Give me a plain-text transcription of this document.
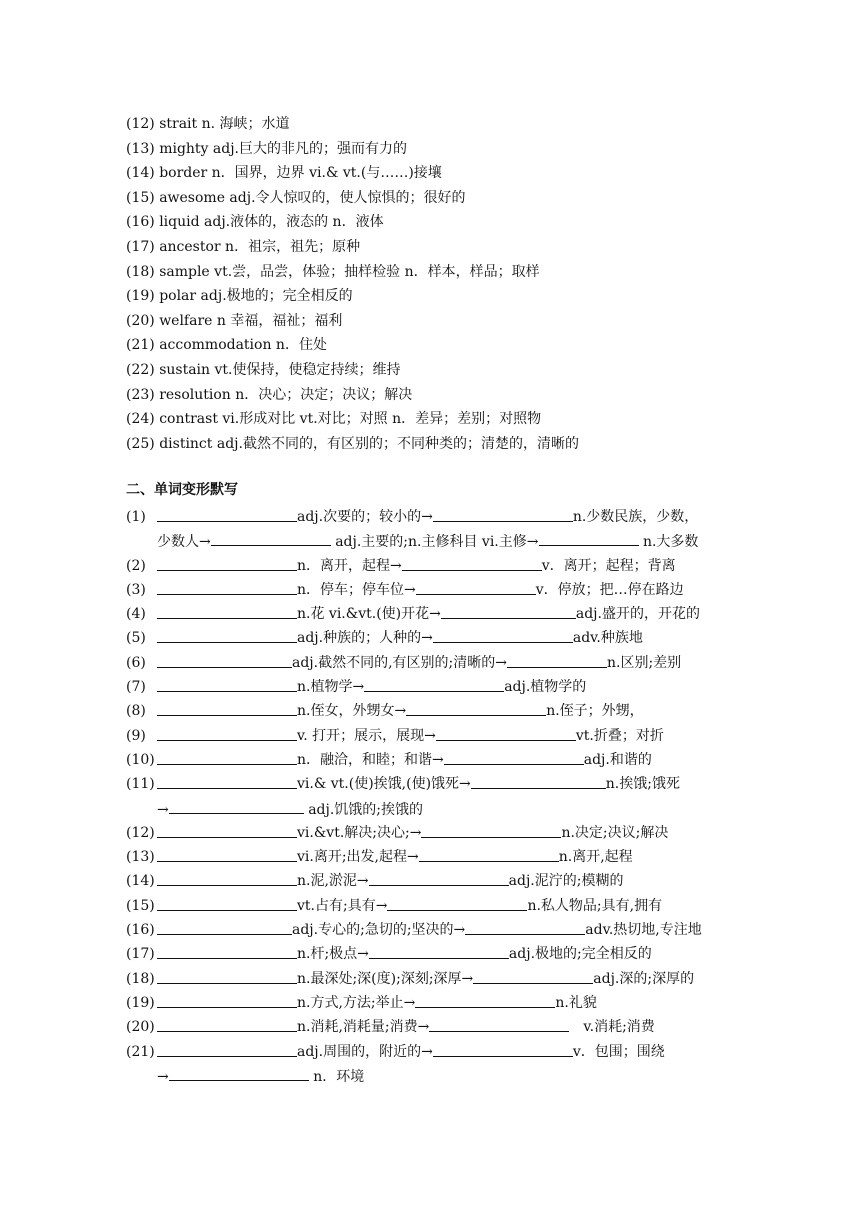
(12) strait n. 海峡；水道
(13) mighty adj.巨大的非凡的；强而有力的
(14) border n．国界，边界 vi.& vt.(与……)接壤
(15) awesome adj.令人惊叹的，使人惊惧的；很好的
(16) liquid adj.液体的，液态的 n．液体
(17) ancestor n．祖宗，祖先；原种
(18) sample vt.尝，品尝，体验；抽样检验 n．样本，样品；取样
(19) polar adj.极地的；完全相反的
(20) welfare n 幸福，福祉；福利
(21) accommodation n．住处
(22) sustain vt.使保持，使稳定持续；维持
(23) resolution n．决心；决定；决议；解决
(24) contrast vi.形成对比 vt.对比；对照 n．差异；差别；对照物
(25) distinct adj.截然不同的，有区别的；不同种类的；清楚的，清晰的
二、单词变形默写
(1)	adj.次要的；较小的→	n.少数民族，少数，
少数人→	adj.主要的;n.主修科目 vi.主修→	n.大多数
(2)	n．离开，起程→	v．离开；起程；背离
(3)	n．停车；停车位→	v．停放；把…停在路边
(4)	n.花 vi.&vt.(使)开花→	adj.盛开的，开花的
(5)	adj.种族的；人种的→	adv.种族地
(6)	adj.截然不同的,有区别的;清晰的→	n.区别;差别
(7)	n.植物学→	adj.植物学的
(8)	n.侄女，外甥女→	n.侄子；外甥，
(9)	v. 打开；展示，展现→	vt.折叠；对折
(10)	n．融洽，和睦；和谐→	adj.和谐的
(11)	vi.& vt.(使)挨饿,(使)饿死→	n.挨饿;饿死
→	adj.饥饿的;挨饿的
(12)	vi.&vt.解决;决心;→	n.决定;决议;解决
(13)	vi.离开;出发,起程→	n.离开,起程
(14)	n.泥,淤泥→	adj.泥泞的;模糊的
(15)	vt.占有;具有→	n.私人物品;具有,拥有
(16)	adj.专心的;急切的;坚决的→	adv.热切地,专注地
(17)	n.杆;极点→	adj.极地的;完全相反的
(18)	n.最深处;深(度);深刻;深厚→	adj.深的;深厚的
(19)	n.方式,方法;举止→	n.礼貌
(20)	n.消耗,消耗量;消费→	v.消耗;消费
(21)	adj.周围的，附近的→	v．包围；围绕
→	n．环境
